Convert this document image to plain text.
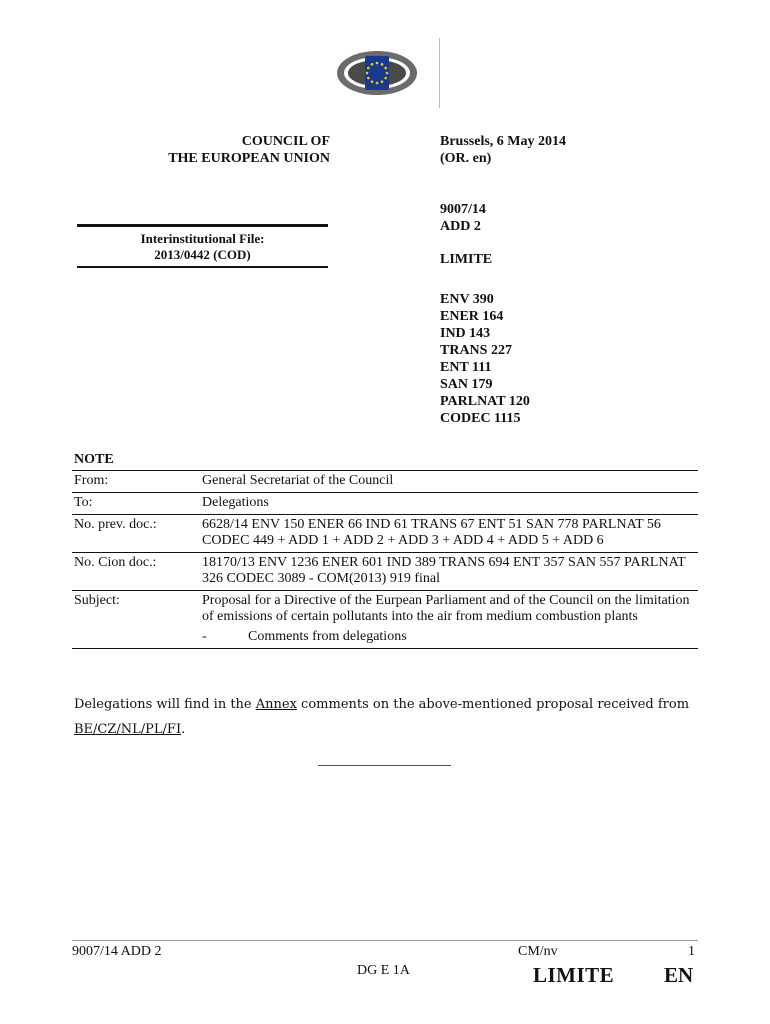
COUNCIL OF
THE EUROPEAN UNION
Brussels, 6 May 2014
(OR. en)
9007/14
ADD 2
LIMITE
ENV 390
ENER 164
IND 143
TRANS 227
ENT 111
SAN 179
PARLNAT 120
CODEC 1115
Interinstitutional File:
2013/0442 (COD)
NOTE
From:	General Secretariat of the Council
To:	Delegations
No. prev. doc.:	6628/14 ENV 150 ENER 66 IND 61 TRANS 67 ENT 51 SAN 778 PARLNAT 56 CODEC 449 + ADD 1 + ADD 2 + ADD 3 + ADD 4 + ADD 5 + ADD 6
No. Cion doc.:	18170/13 ENV 1236 ENER 601 IND 389 TRANS 694 ENT 357 SAN 557 PARLNAT 326 CODEC 3089 - COM(2013) 919 final
Subject:	Proposal for a Directive of the Eurpean Parliament and of the Council on the limitation of emissions of certain pollutants into the air from medium combustion plants
-	Comments from delegations
Delegations will find in the Annex comments on the above-mentioned proposal received from
BE/CZ/NL/PL/FI.
9007/14 ADD 2	CM/nv	1
DG E 1A	LIMITE EN
